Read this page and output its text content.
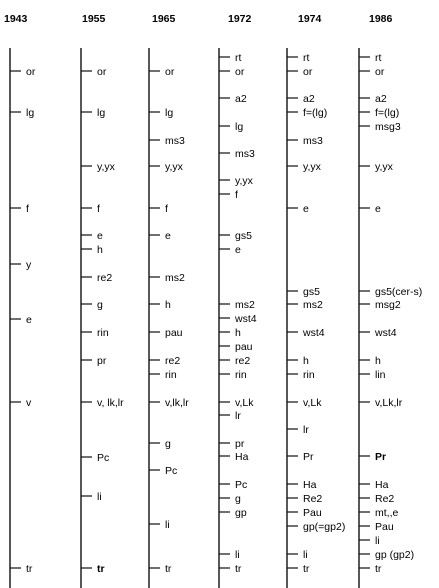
1943
or
lg
f
y
e
v
tr
1955
or
lg
y,yx
f
e
h
re2
g
rin
pr
v, lk,lr
Pc
li
tr
1965
or
lg
ms3
y,yx
f
e
ms2
h
pau
re2
rin
v,lk,lr
g
Pc
li
tr
1972
rt
or
a2
lg
ms3
y,yx
f
gs5
e
ms2
wst4
h
pau
re2
rin
v,Lk
lr
pr
Ha
Pc
g
gp
li
tr
1974
rt
or
a2
f=(lg)
ms3
y,yx
e
gs5
ms2
wst4
h
rin
v,Lk
lr
Pr
Ha
Re2
Pau
gp(=gp2)
li
tr
1986
rt
or
a2
f=(lg)
msg3
y,yx
e
gs5(cer-s)
msg2
wst4
h
lin
v,Lk,lr
Pr
Ha
Re2
mt,,e
Pau
li
gp (gp2)
tr
